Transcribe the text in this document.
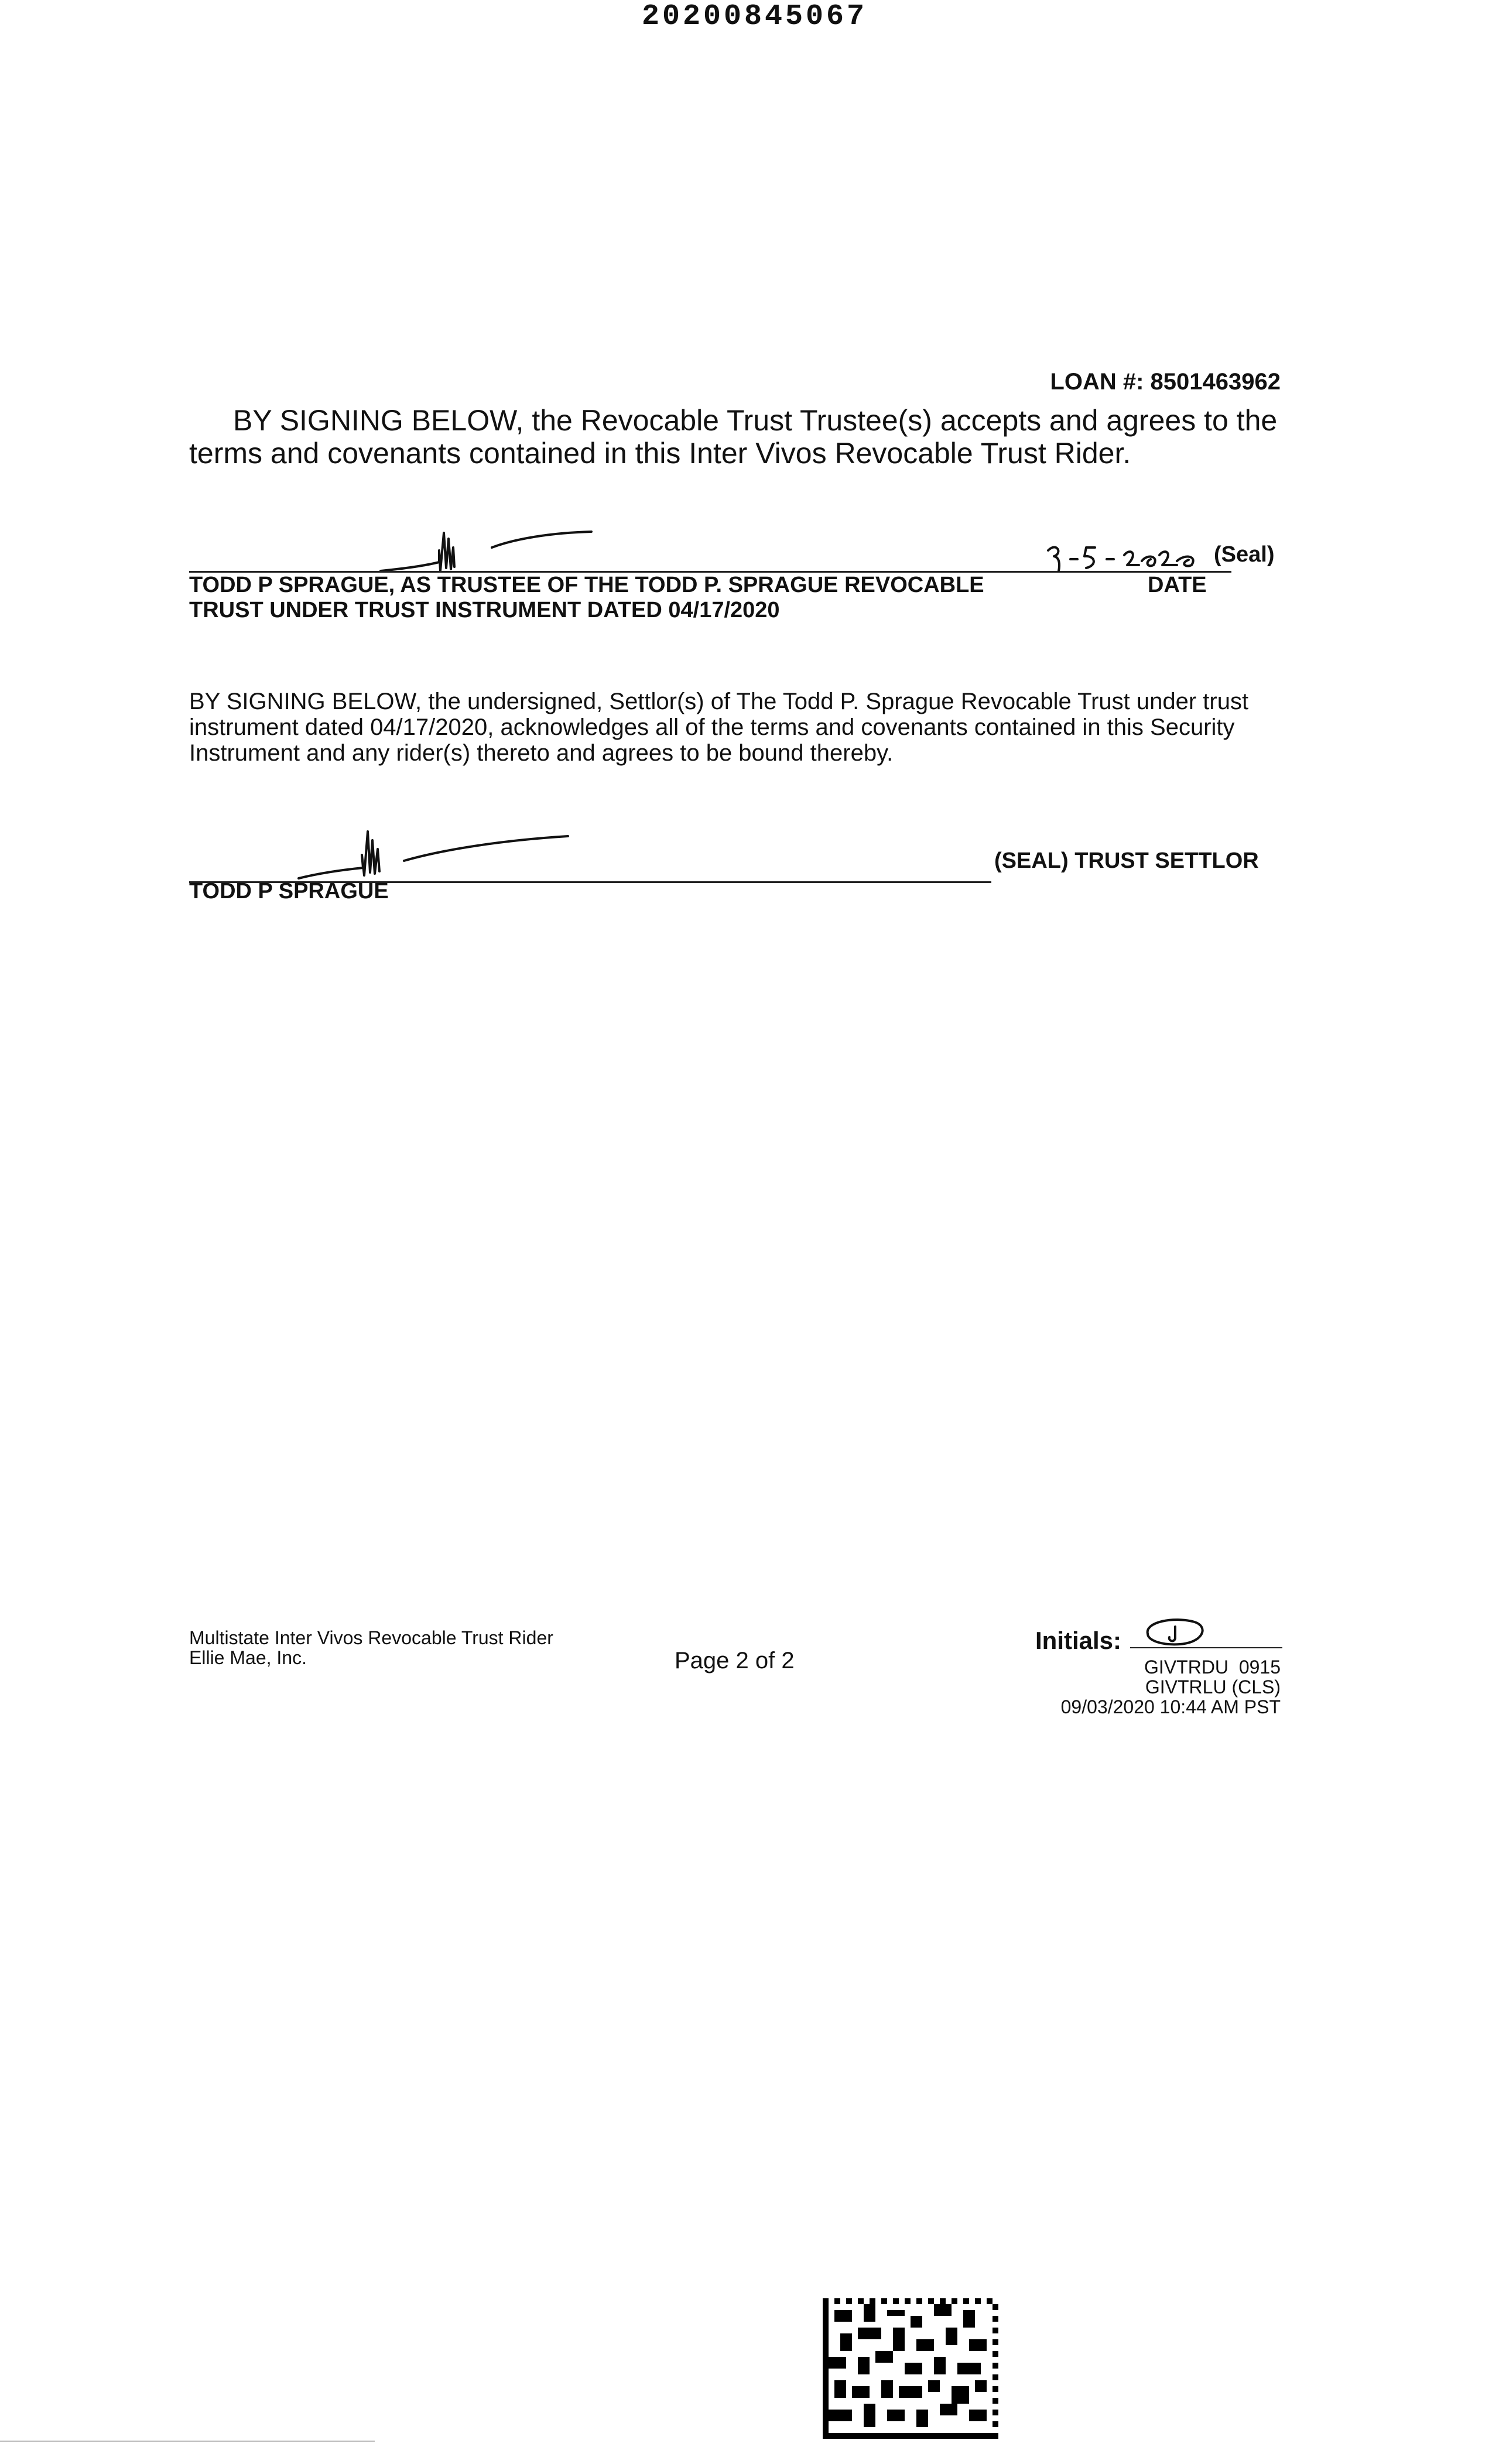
20200845067
LOAN #: 8501463962
BY SIGNING BELOW, the Revocable Trust Trustee(s) accepts and agrees to the terms and covenants contained in this Inter Vivos Revocable Trust Rider.
(Seal)
DATE
TODD P SPRAGUE, AS TRUSTEE OF THE TODD P. SPRAGUE REVOCABLE
TRUST UNDER TRUST INSTRUMENT DATED 04/17/2020
BY SIGNING BELOW, the undersigned, Settlor(s) of The Todd P. Sprague Revocable Trust under trust instrument dated 04/17/2020, acknowledges all of the terms and covenants contained in this Security Instrument and any rider(s) thereto and agrees to be bound thereby.
(SEAL) TRUST SETTLOR
TODD P SPRAGUE
Multistate Inter Vivos Revocable Trust Rider
Ellie Mae, Inc.	Page 2 of 2
Initials:
GIVTRDU  0915
GIVTRLU (CLS)
09/03/2020 10:44 AM PST
